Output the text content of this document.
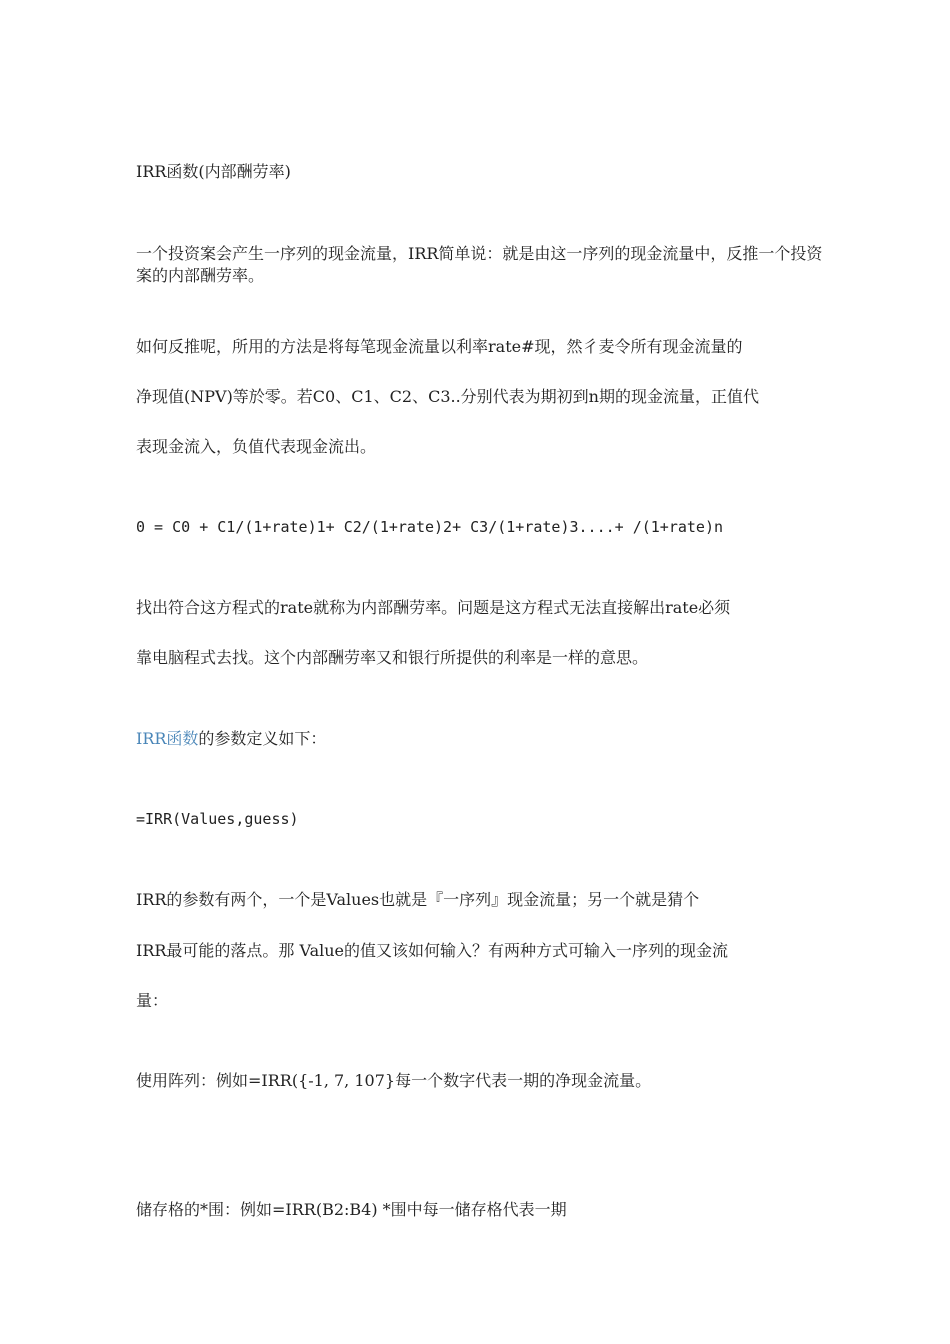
IRR函数(内部酬劳率)
一个投资案会产生一序列的现金流量，IRR简单说：就是由这一序列的现金流量中，反推一个投资案的内部酬劳率。
如何反推呢，所用的方法是将每笔现金流量以利率rate#现，然彳麦令所有现金流量的
净现值(NPV)等於零。若C0、C1、C2、C3..分别代表为期初到n期的现金流量，正值代
表现金流入，负值代表现金流出。
0 = C0 + C1/(1+rate)1+ C2/(1+rate)2+ C3/(1+rate)3....+ /(1+rate)n
找出符合这方程式的rate就称为内部酬劳率。问题是这方程式无法直接解出rate必须
靠电脑程式去找。这个内部酬劳率又和银行所提供的利率是一样的意思。
IRR函数的参数定义如下：
=IRR(Values,guess)
IRR的参数有两个，一个是Values也就是『一序列』现金流量；另一个就是猜个
IRR最可能的落点。那 Value的值又该如何输入？有两种方式可输入一序列的现金流
量：
使用阵列：例如=IRR({-1, 7, 107}每一个数字代表一期的净现金流量。
储存格的*围：例如=IRR(B2:B4) *围中每一储存格代表一期
